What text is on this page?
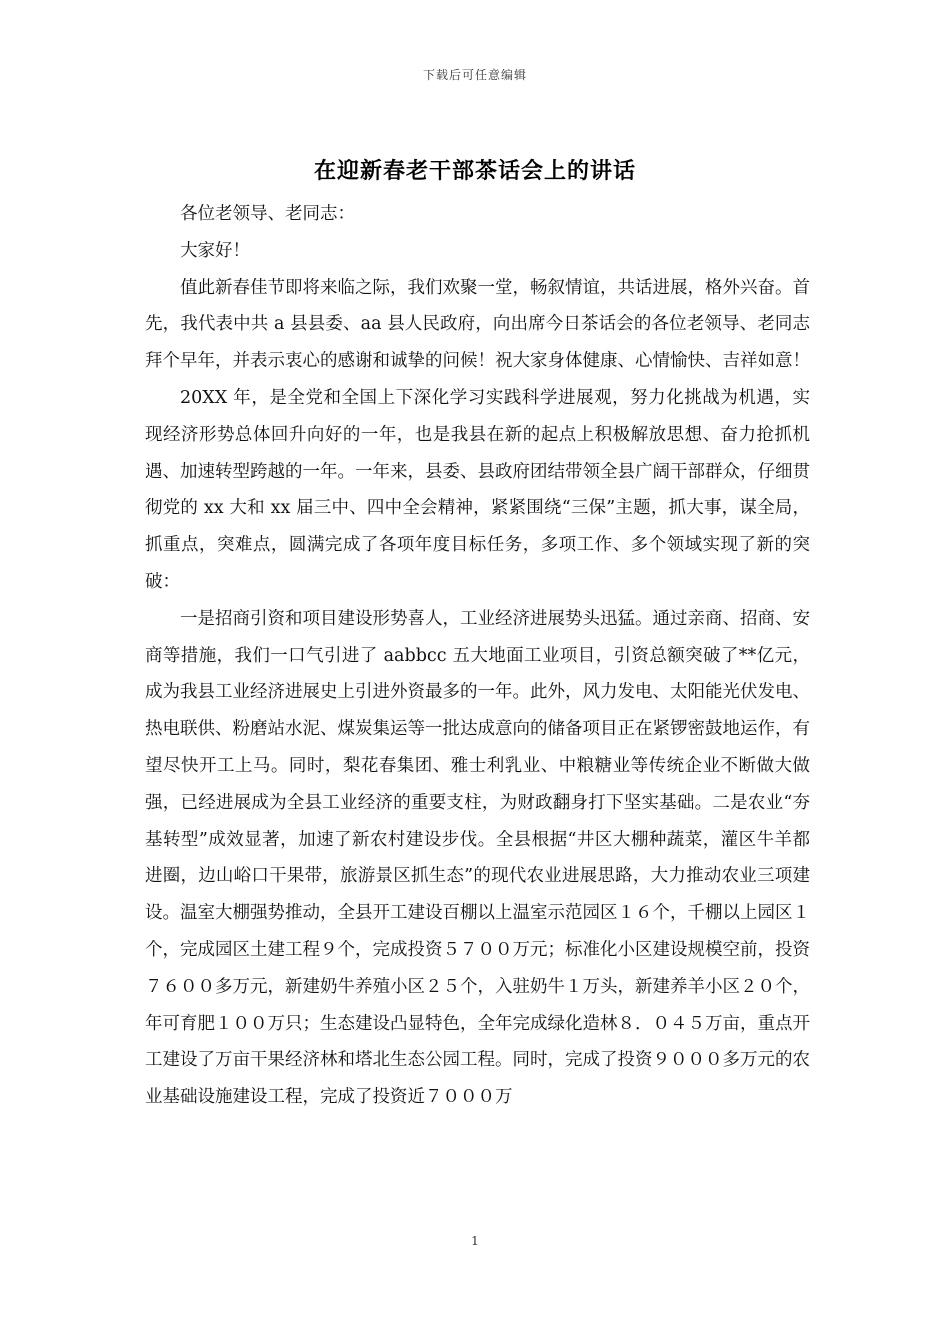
下载后可任意编辑
在迎新春老干部茶话会上的讲话

各位老领导、老同志：

大家好！

值此新春佳节即将来临之际，我们欢聚一堂，畅叙情谊，共话进展，格外兴奋。首先，我代表中共 a 县县委、aa 县人民政府，向出席今日茶话会的各位老领导、老同志拜个早年，并表示衷心的感谢和诚挚的问候！祝大家身体健康、心情愉快、吉祥如意！

20XX 年，是全党和全国上下深化学习实践科学进展观，努力化挑战为机遇，实现经济形势总体回升向好的一年，也是我县在新的起点上积极解放思想、奋力抢抓机遇、加速转型跨越的一年。一年来，县委、县政府团结带领全县广阔干部群众，仔细贯彻党的 xx 大和 xx 届三中、四中全会精神，紧紧围绕“三保”主题，抓大事，谋全局，抓重点，突难点，圆满完成了各项年度目标任务，多项工作、多个领域实现了新的突破：

一是招商引资和项目建设形势喜人，工业经济进展势头迅猛。通过亲商、招商、安商等措施，我们一口气引进了 aabbcc 五大地面工业项目，引资总额突破了**亿元，成为我县工业经济进展史上引进外资最多的一年。此外，风力发电、太阳能光伏发电、热电联供、粉磨站水泥、煤炭集运等一批达成意向的储备项目正在紧锣密鼓地运作，有望尽快开工上马。同时，梨花春集团、雅士利乳业、中粮糖业等传统企业不断做大做强，已经进展成为全县工业经济的重要支柱，为财政翻身打下坚实基础。二是农业“夯基转型”成效显著，加速了新农村建设步伐。全县根据“井区大棚种蔬菜，灌区牛羊都进圈，边山峪口干果带，旅游景区抓生态”的现代农业进展思路，大力推动农业三项建设。温室大棚强势推动，全县开工建设百棚以上温室示范园区１６个，千棚以上园区１个，完成园区土建工程９个，完成投资５７００万元；标准化小区建设规模空前，投资７６００多万元，新建奶牛养殖小区２５个，入驻奶牛１万头，新建养羊小区２０个，年可育肥１００万只；生态建设凸显特色，全年完成绿化造林８．０４５万亩，重点开工建设了万亩干果经济林和塔北生态公园工程。同时，完成了投资９０００多万元的农业基础设施建设工程，完成了投资近７０００万

1
